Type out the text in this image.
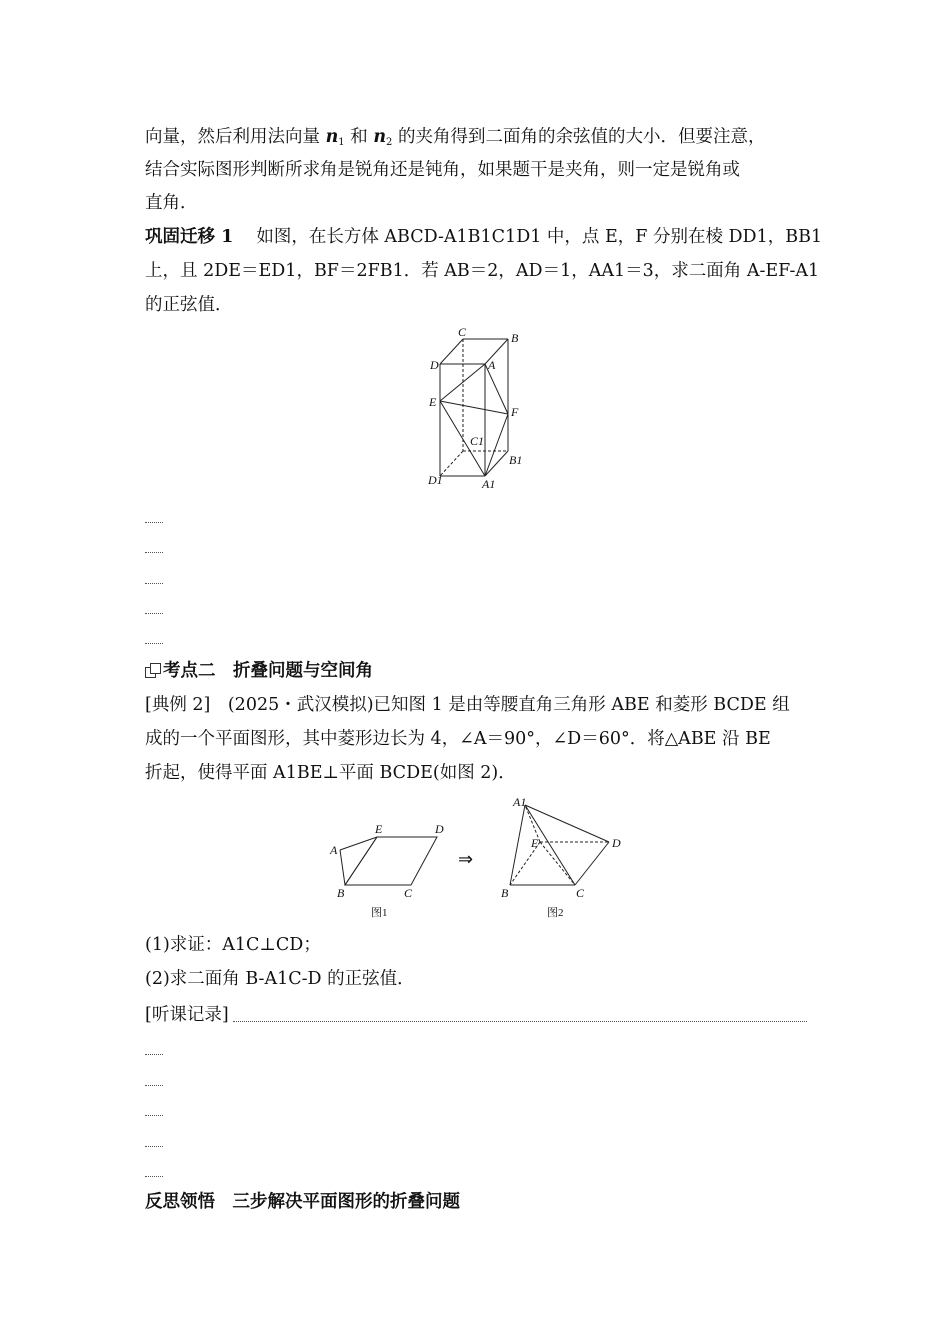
向量，然后利用法向量 $n_1$ 和 $n_2$ 的夹角得到二面角的余弦值的大小．但要注意，
结合实际图形判断所求角是锐角还是钝角，如果题干是夹角，则一定是锐角或
直角．
巩固迁移 1　 如图，在长方体 ABCD-A1B1C1D1 中，点 E，F 分别在棱 DD1，BB1
上，且 2DE＝ED1，BF＝2FB1．若 AB＝2，AD＝1，AA1＝3，求二面角 A-EF-A1
的正弦值．
C	B
D	A
E
F
C1
B1
D1	A1
考点二　折叠问题与空间角
[典例 2]　 (2025・武汉模拟)已知图 1 是由等腰直角三角形 ABE 和菱形 BCDE 组
成的一个平面图形，其中菱形边长为 4，∠A＝90°，∠D＝60°．将△ABE 沿 BE
折起，使得平面 A1BE⊥平面 BCDE(如图 2)．
A
E	D
B	C
⇒
A1
E	D
B	C
图1	图2
(1)求证：A1C⊥CD；
(2)求二面角 B-A1C-D 的正弦值．
[听课记录]
反思领悟　三步解决平面图形的折叠问题
